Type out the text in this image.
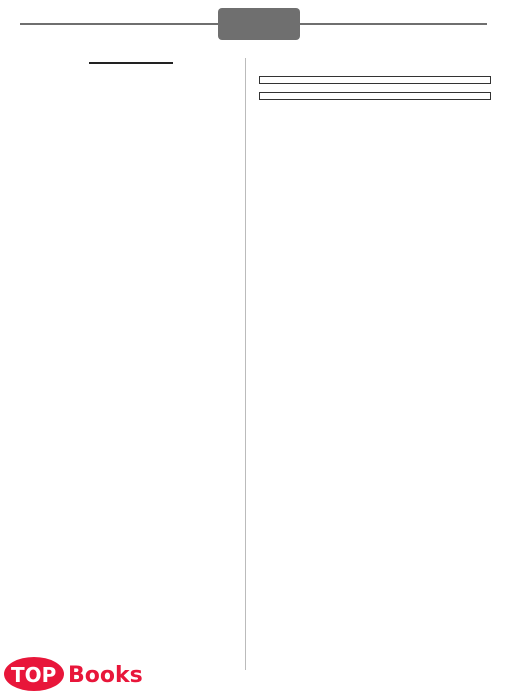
TOP Books
